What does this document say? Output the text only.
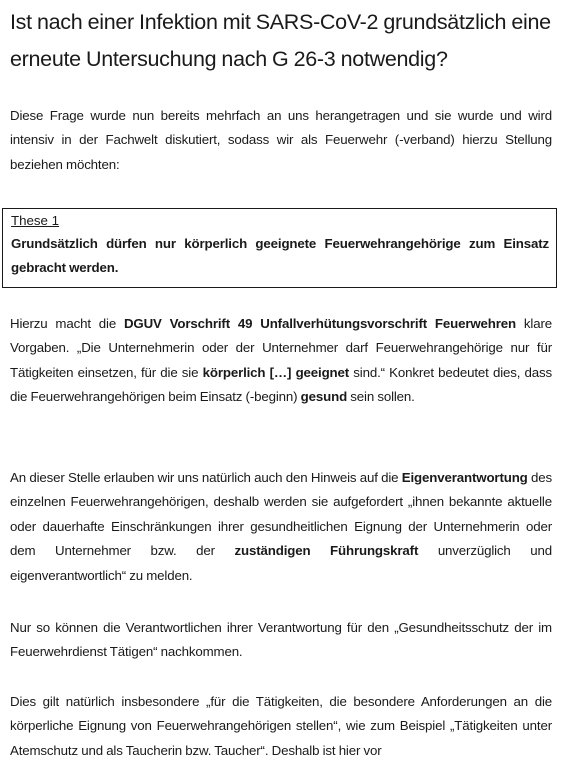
Ist nach einer Infektion mit SARS-CoV-2 grundsätzlich eine erneute Untersuchung nach G 26-3 notwendig?

Diese Frage wurde nun bereits mehrfach an uns herangetragen und sie wurde und wird intensiv in der Fachwelt diskutiert, sodass wir als Feuerwehr (-verband) hierzu Stellung beziehen möchten:

These 1

Grundsätzlich dürfen nur körperlich geeignete Feuerwehrangehörige zum Einsatz gebracht werden.

Hierzu macht die DGUV Vorschrift 49 Unfallverhütungsvorschrift Feuerwehren klare Vorgaben. „Die Unternehmerin oder der Unternehmer darf Feuerwehrangehörige nur für Tätigkeiten einsetzen, für die sie körperlich […] geeignet sind.“ Konkret bedeutet dies, dass die Feuerwehrangehörigen beim Einsatz (-beginn) gesund sein sollen.

An dieser Stelle erlauben wir uns natürlich auch den Hinweis auf die Eigenverantwortung des einzelnen Feuerwehrangehörigen, deshalb werden sie aufgefordert „ihnen bekannte aktuelle oder dauerhafte Einschränkungen ihrer gesundheitlichen Eignung der Unternehmerin oder dem Unternehmer bzw. der zuständigen Führungskraft unverzüglich und eigenverantwortlich“ zu melden.

Nur so können die Verantwortlichen ihrer Verantwortung für den „Gesundheitsschutz der im Feuerwehrdienst Tätigen“ nachkommen.

Dies gilt natürlich insbesondere „für die Tätigkeiten, die besondere Anforderungen an die körperliche Eignung von Feuerwehrangehörigen stellen“, wie zum Beispiel „Tätigkeiten unter Atemschutz und als Taucherin bzw. Taucher“. Deshalb ist hier vor
